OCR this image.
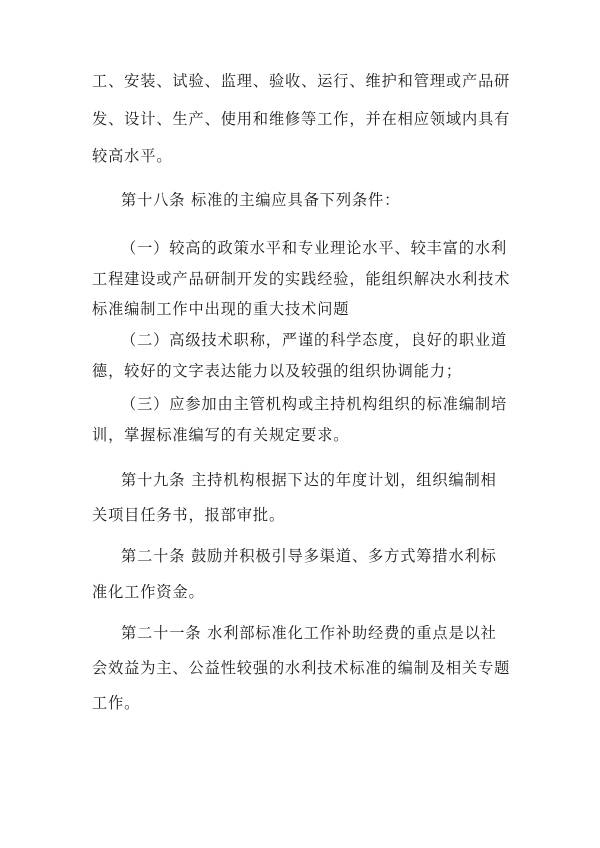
工、安装、试验、监理、验收、运行、维护和管理或产品研
发、设计、生产、使用和维修等工作，并在相应领域内具有
较高水平。
第十八条 标准的主编应具备下列条件：
（一）较高的政策水平和专业理论水平、较丰富的水利
工程建设或产品研制开发的实践经验，能组织解决水利技术
标准编制工作中出现的重大技术问题
（二）高级技术职称，严谨的科学态度，良好的职业道
德，较好的文字表达能力以及较强的组织协调能力；
（三）应参加由主管机构或主持机构组织的标准编制培
训，掌握标准编写的有关规定要求。
第十九条 主持机构根据下达的年度计划，组织编制相
关项目任务书，报部审批。
第二十条 鼓励并积极引导多渠道、多方式筹措水利标
准化工作资金。
第二十一条 水利部标准化工作补助经费的重点是以社
会效益为主、公益性较强的水利技术标准的编制及相关专题
工作。
